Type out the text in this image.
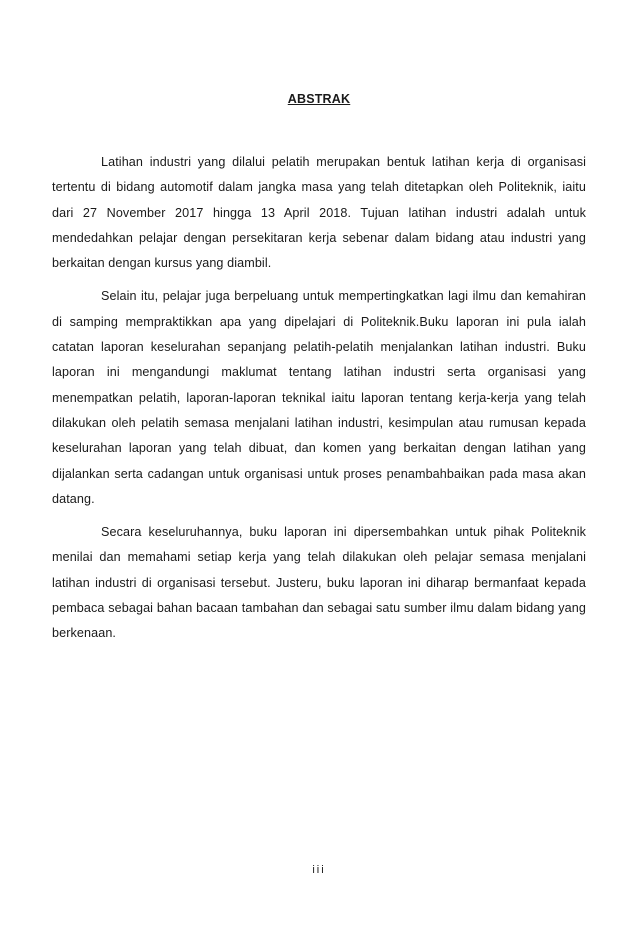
ABSTRAK

Latihan industri yang dilalui pelatih merupakan bentuk latihan kerja di organisasi tertentu di bidang automotif dalam jangka masa yang telah ditetapkan oleh Politeknik, iaitu dari 27 November 2017 hingga 13 April 2018. Tujuan latihan industri adalah untuk mendedahkan pelajar dengan persekitaran kerja sebenar dalam bidang atau industri yang berkaitan dengan kursus yang diambil.

Selain itu, pelajar juga berpeluang untuk mempertingkatkan lagi ilmu dan kemahiran di samping mempraktikkan apa yang dipelajari di Politeknik.Buku laporan ini pula ialah catatan laporan keselurahan sepanjang pelatih-pelatih menjalankan latihan industri. Buku laporan ini mengandungi maklumat tentang latihan industri serta organisasi yang menempatkan pelatih, laporan-laporan teknikal iaitu laporan tentang kerja-kerja yang telah dilakukan oleh pelatih semasa menjalani latihan industri, kesimpulan atau rumusan kepada keselurahan laporan yang telah dibuat, dan komen yang berkaitan dengan latihan yang dijalankan serta cadangan untuk organisasi untuk proses penambahbaikan pada masa akan datang.

Secara keseluruhannya, buku laporan ini dipersembahkan untuk pihak Politeknik menilai dan memahami setiap kerja yang telah dilakukan oleh pelajar semasa menjalani latihan industri di organisasi tersebut. Justeru, buku laporan ini diharap bermanfaat kepada pembaca sebagai bahan bacaan tambahan dan sebagai satu sumber ilmu dalam bidang yang berkenaan.

iii
